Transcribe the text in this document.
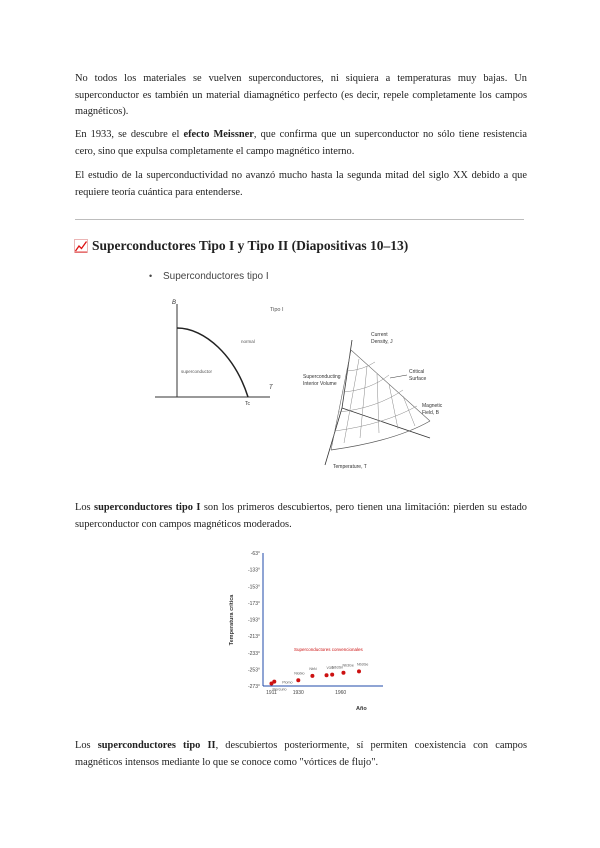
No todos los materiales se vuelven superconductores, ni siquiera a temperaturas muy bajas. Un superconductor es también un material diamagnético perfecto (es decir, repele completamente los campos magnéticos).

En 1933, se descubre el efecto Meissner, que confirma que un superconductor no sólo tiene resistencia cero, sino que expulsa completamente el campo magnético interno.

El estudio de la superconductividad no avanzó mucho hasta la segunda mitad del siglo XX debido a que requiere teoría cuántica para entenderse.

Superconductores Tipo I y Tipo II (Diapositivas 10–13)
• Superconductores tipo I
B
T
Tc
Tipo I
normal
superconductor
Current
Density, J
Critical
Surface
Superconducting
Interior Volume
Magnetic
Field, B
Temperature, T

Los superconductores tipo I son los primeros descubiertos, pero tienen una limitación: pierden su estado superconductor con campos magnéticos moderados.

-63°
-133°
-153°
-173°
-193°
-213°
-233°
-253°
-273°
1911	1930	1960
Temperatura crítica
Año
Superconductores convencionales
Mercurio
Plomo
Niobio
NbN	V3Si
Nb3Sn Nb3Ge Nb3Ge

Los superconductores tipo II, descubiertos posteriormente, sí permiten coexistencia con campos magnéticos intensos mediante lo que se conoce como "vórtices de flujo".
